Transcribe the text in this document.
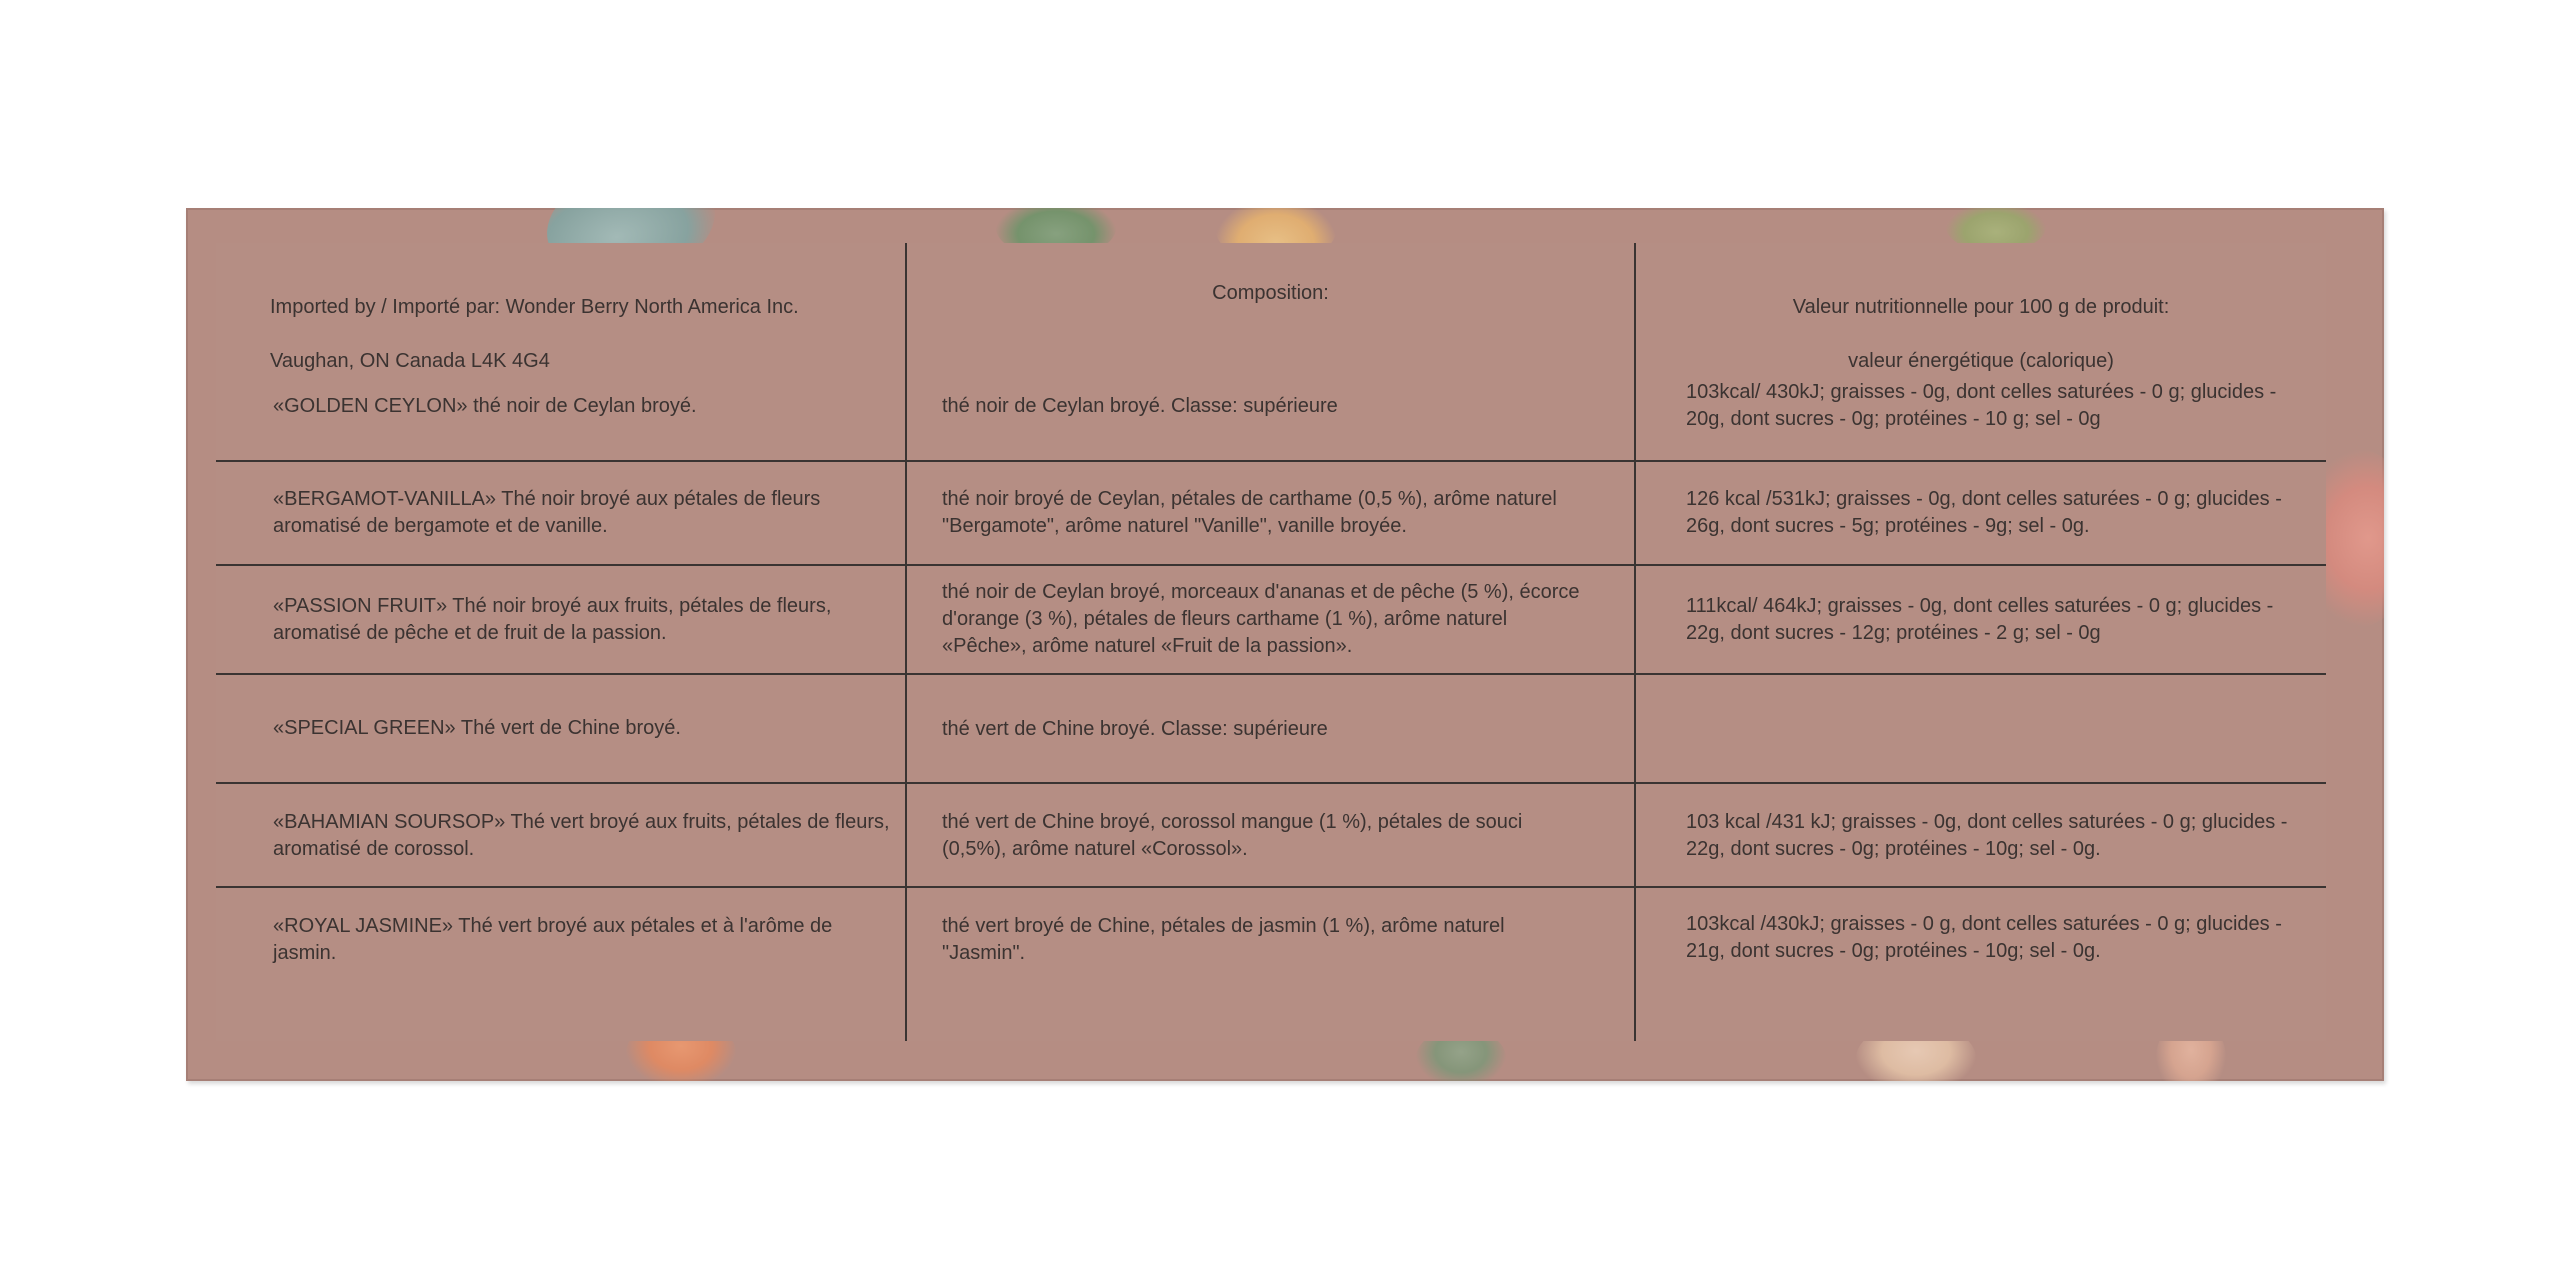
Imported by / Importé par: Wonder Berry North America Inc.

Vaughan, ON Canada L4K 4G4

Composition:

Valeur nutritionnelle pour 100 g de produit:

valeur énergétique (calorique)

«GOLDEN CEYLON» thé noir de Ceylan broyé.	thé noir de Ceylan broyé. Classe: supérieure
103kcal/ 430kJ; graisses - 0g, dont celles saturées - 0 g; glucides -
20g, dont sucres - 0g; protéines - 10 g; sel - 0g
«BERGAMOT-VANILLA» Thé noir broyé aux pétales de fleurs
aromatisé de bergamote et de vanille.
thé noir broyé de Ceylan, pétales de carthame (0,5 %), arôme naturel
"Bergamote", arôme naturel "Vanille", vanille broyée.
126 kcal /531kJ; graisses - 0g, dont celles saturées - 0 g; glucides -
26g, dont sucres - 5g; protéines - 9g; sel - 0g.
«PASSION FRUIT» Thé noir broyé aux fruits, pétales de fleurs,
aromatisé de pêche et de fruit de la passion.
thé noir de Ceylan broyé, morceaux d'ananas et de pêche (5 %), écorce
d'orange (3 %), pétales de fleurs carthame (1 %), arôme naturel
«Pêche», arôme naturel «Fruit de la passion».
111kcal/ 464kJ; graisses - 0g, dont celles saturées - 0 g; glucides -
22g, dont sucres - 12g; protéines - 2 g; sel - 0g
«SPECIAL GREEN» Thé vert de Chine broyé.	thé vert de Chine broyé. Classe: supérieure
«BAHAMIAN SOURSOP» Thé vert broyé aux fruits, pétales de fleurs,
aromatisé de corossol.
thé vert de Chine broyé, corossol mangue (1 %), pétales de souci
(0,5%), arôme naturel «Corossol».
103 kcal /431 kJ; graisses - 0g, dont celles saturées - 0 g; glucides -
22g, dont sucres - 0g; protéines - 10g; sel - 0g.
«ROYAL JASMINE» Thé vert broyé aux pétales et à l'arôme de
jasmin.
thé vert broyé de Chine, pétales de jasmin (1 %), arôme naturel
"Jasmin".
103kcal /430kJ; graisses - 0 g, dont celles saturées - 0 g; glucides -
21g, dont sucres - 0g; protéines - 10g; sel - 0g.
